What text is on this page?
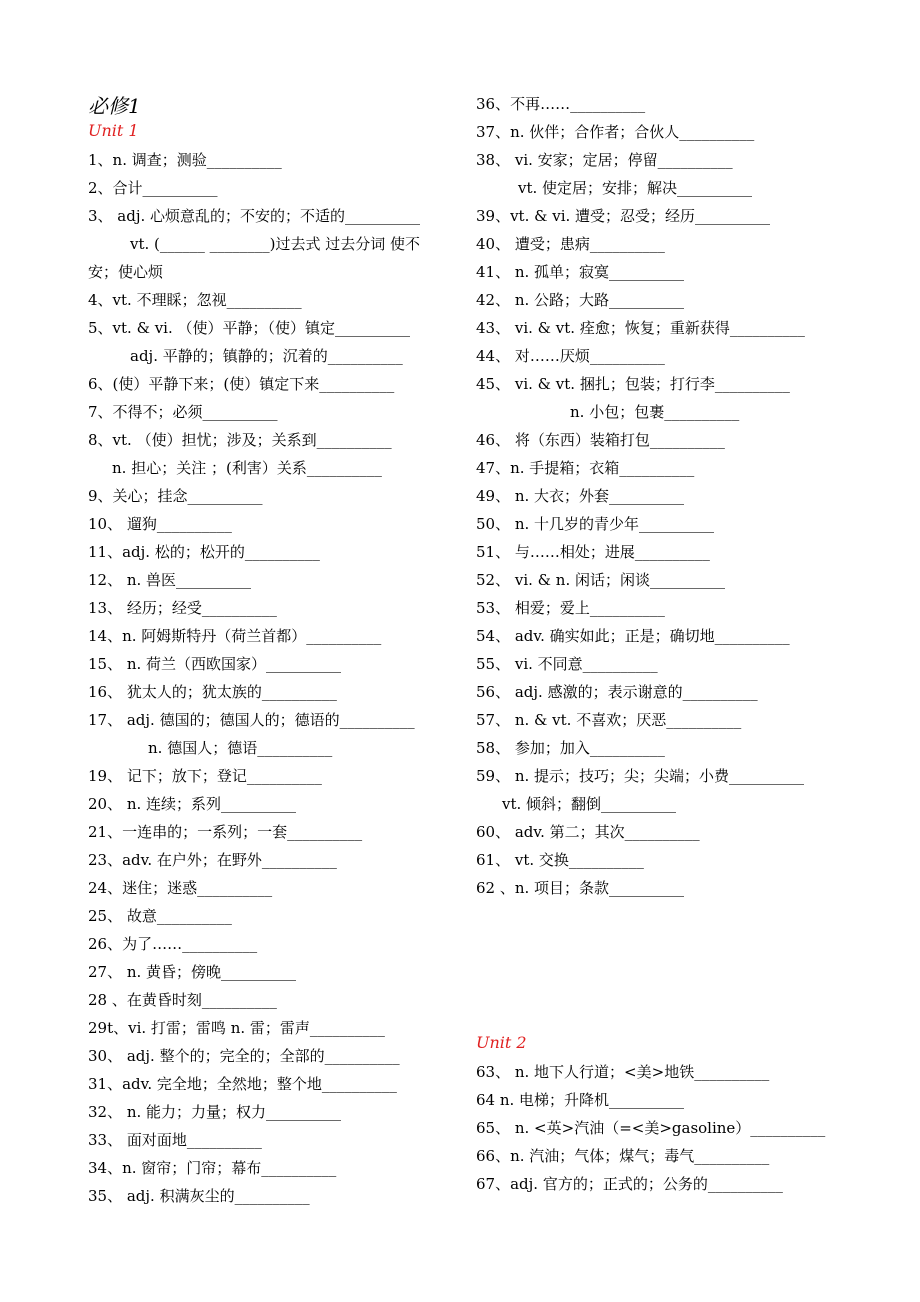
必修1
Unit 1
1、n. 调查；测验__________
2、合计__________
3、 adj. 心烦意乱的；不安的；不适的__________
vt. (______ ________)过去式 过去分词 使不
安；使心烦
4、vt. 不理睬；忽视__________
5、vt. & vi. （使）平静；（使）镇定__________
adj. 平静的；镇静的；沉着的__________
6、(使）平静下来；(使）镇定下来__________
7、不得不；必须__________
8、vt. （使）担忧；涉及；关系到__________
n. 担心；关注 ；(利害）关系__________
9、关心；挂念__________
10、 遛狗__________
11、adj. 松的；松开的__________
12、 n. 兽医__________
13、 经历；经受__________
14、n. 阿姆斯特丹（荷兰首都）__________
15、 n. 荷兰（西欧国家）__________
16、 犹太人的；犹太族的__________
17、 adj. 德国的；德国人的；德语的__________
n. 德国人；德语__________
19、 记下；放下；登记__________
20、 n. 连续；系列__________
21、一连串的；一系列；一套__________
23、adv. 在户外；在野外__________
24、迷住；迷惑__________
25、 故意__________
26、为了……__________
27、 n. 黄昏；傍晚__________
28 、在黄昏时刻__________
29t、vi. 打雷；雷鸣 n. 雷；雷声__________
30、 adj. 整个的；完全的；全部的__________
31、adv. 完全地；全然地；整个地__________
32、 n. 能力；力量；权力__________
33、 面对面地__________
34、n. 窗帘；门帘；幕布__________
35、 adj. 积满灰尘的__________
36、不再……__________
37、n. 伙伴；合作者；合伙人__________
38、 vi. 安家；定居；停留__________
vt. 使定居；安排；解决__________
39、vt. & vi. 遭受；忍受；经历__________
40、 遭受；患病__________
41、 n. 孤单；寂寞__________
42、 n. 公路；大路__________
43、 vi. & vt. 痊愈；恢复；重新获得__________
44、 对……厌烦__________
45、 vi. & vt. 捆扎；包装；打行李__________
n. 小包；包裹__________
46、 将（东西）装箱打包__________
47、n. 手提箱；衣箱__________
49、 n. 大衣；外套__________
50、 n. 十几岁的青少年__________
51、 与……相处；进展__________
52、 vi. & n. 闲话；闲谈__________
53、 相爱；爱上__________
54、 adv. 确实如此；正是；确切地__________
55、 vi. 不同意__________
56、 adj. 感激的；表示谢意的__________
57、 n. & vt. 不喜欢；厌恶__________
58、 参加；加入__________
59、 n. 提示；技巧；尖；尖端；小费__________
vt. 倾斜；翻倒__________
60、 adv. 第二；其次__________
61、 vt. 交换__________
62 、n. 项目；条款__________
Unit 2
63、 n. 地下人行道；<美>地铁__________
64 n. 电梯；升降机__________
65、 n. <英>汽油（=<美>gasoline）__________
66、n. 汽油；气体；煤气；毒气__________
67、adj. 官方的；正式的；公务的__________
